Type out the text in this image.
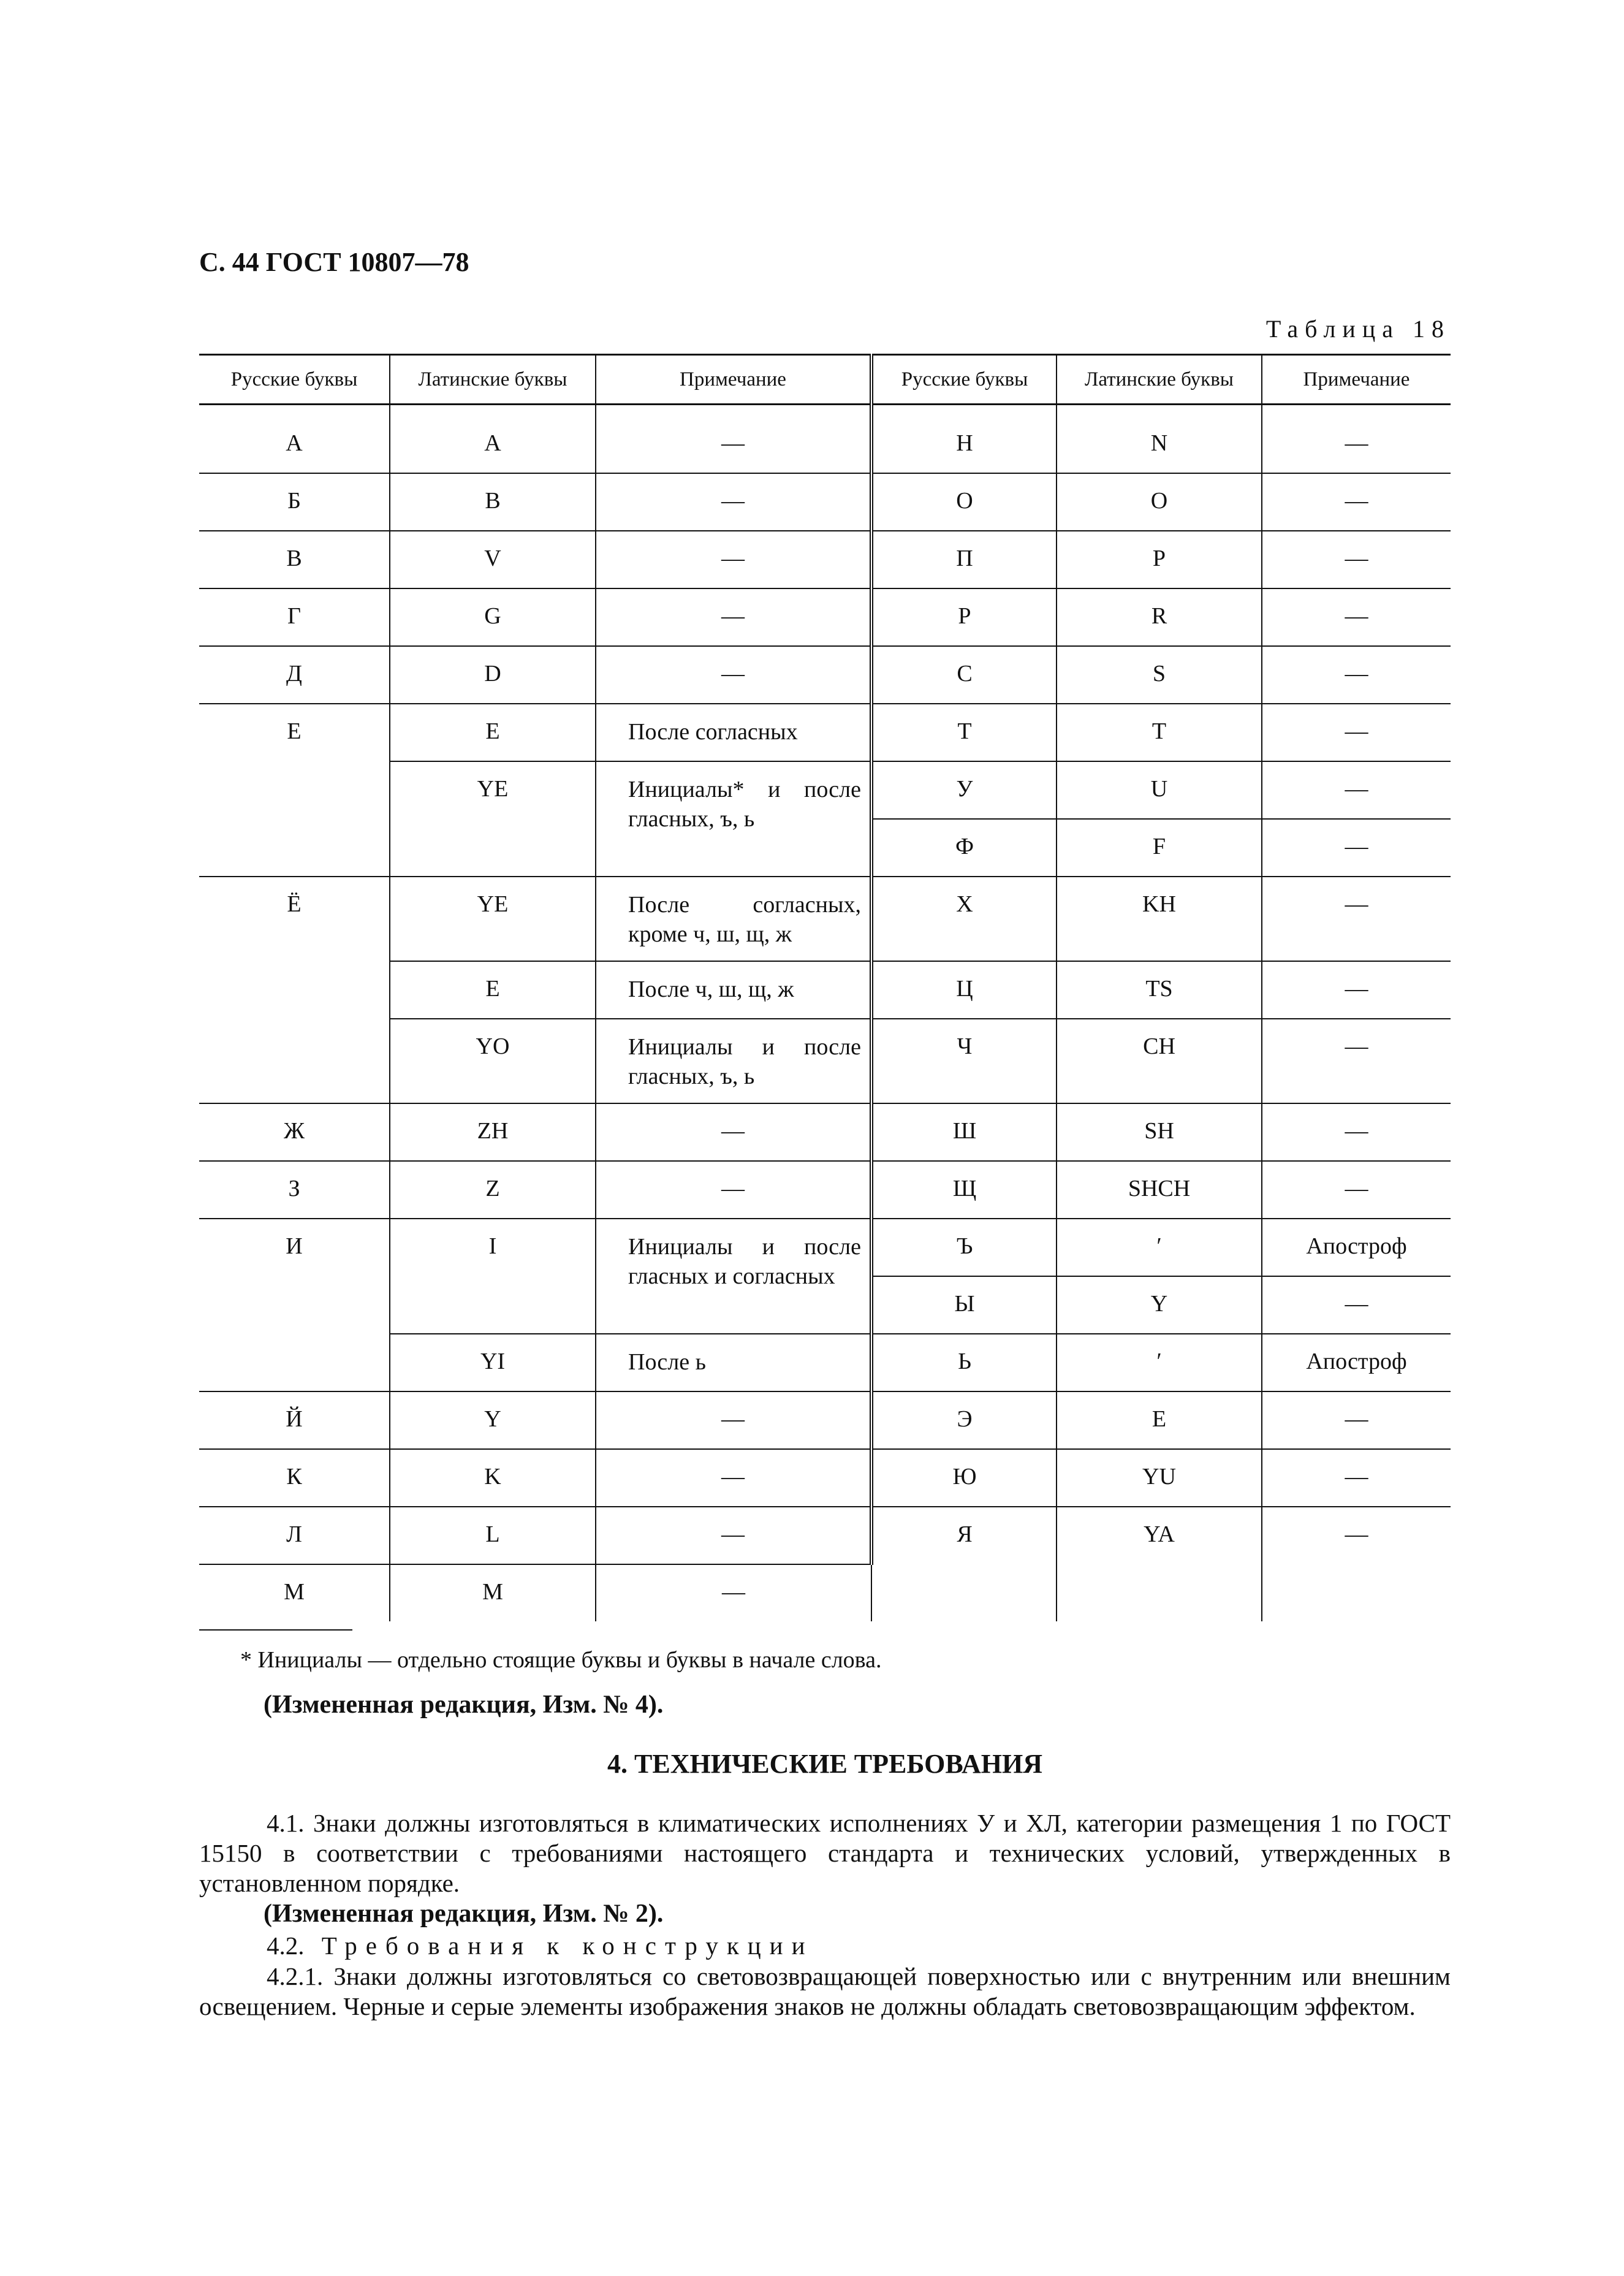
С. 44 ГОСТ 10807—78
Таблица 18
Русские буквы	Латинские буквы	Примечание	Русские буквы	Латинские буквы	Примечание
А	А	—	Н	N	—
Б	В	—	О	O	—
В	V	—	П	P	—
Г	G	—	Р	R	—
Д	D	—	С	S	—
Е	E	После согласных	Т	T	—
	YE	Инициалы* и после гласных, ъ, ь	У	U	—
			Ф	F	—
Ё	YE	После согласных, кроме ч, ш, щ, ж	Х	KH	—
	E	После ч, ш, щ, ж	Ц	TS	—
	YO	Инициалы и после гласных, ъ, ь	Ч	CH	—
Ж	ZH	—	Ш	SH	—
З	Z	—	Щ	SHCH	—
И	I	Инициалы и после гласных и согласных	Ъ	′	Апостроф
			Ы	Y	—
	YI	После ь	Ь	′	Апостроф
Й	Y	—	Э	E	—
К	K	—	Ю	YU	—
Л	L	—	Я	YA	—
М	M	—			
* Инициалы — отдельно стоящие буквы и буквы в начале слова.
(Измененная редакция, Изм. № 4).
4. ТЕХНИЧЕСКИЕ ТРЕБОВАНИЯ
4.1. Знаки должны изготовляться в климатических исполнениях У и ХЛ, категории размещения 1 по ГОСТ 15150 в соответствии с требованиями настоящего стандарта и технических условий, утвержденных в установленном порядке.
(Измененная редакция, Изм. № 2).
4.2. Требования к конструкции
4.2.1. Знаки должны изготовляться со световозвращающей поверхностью или с внутренним или внешним освещением. Черные и серые элементы изображения знаков не должны обладать световозвращающим эффектом.
